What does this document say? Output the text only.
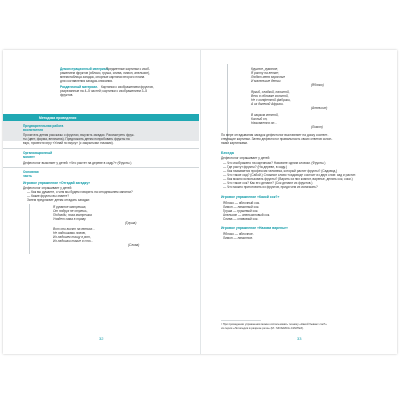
Демонстрационный материал.
Предметные картинки с изоб-
ражением фруктов (яблоко, груша, слива, лимон, апельсин),
мнемотаблица загадок, опорные картинки второго плана
для составления загадок-описания.
Раздаточный материал. Картинки с изображением фруктов,
разрезанные на 4–5 частей; картинки с изображением 3–5
фруктов.
Методика проведения
Предварительная работа
воспитателя
Прочитать детям рассказы о фруктах, выучить загадки. Рассмотреть фрук-
ты (цвет, форма, величина). Предложить детям попробовать фрукты на
вкус, провести игру «Узнай по вкусу» (с закрытыми глазами).
Организационный
момент
Дефектолог выясняет у детей: «Что растет на дереве в саду?» (Фрукты.)
Основная
часть
Игровое упражнение «Отгадай загадку»
Дефектолог спрашивает у детей:
— Как вы думаете, о чем мы будем говорить на сегодняшнем занятии?
— Какие фрукты вы знаете?
Затем предлагает детям отгадать загадки:
Я румяное матрешка,
От подруг не отрешь,
Подожди, пока матрешка
Упадет сама в траву.
(Груша)
Вот они висят на ветках...
Не ладошками ловлю,
Из ладошек тащу в рот,
Из ладошки такие я сто...
(Слива)
32
Круглое, румяное,
Я расту на ветке;
Любят меня взрослые
И маленькие детки.
(Яблоко)
Яркий, сладкий, налитой,
Весь в обложке золотой,
Не с конфетной фабрики,
А из далекой Африки.
(Апельсин)
В закрым желтой,
Кислый он,
Называется он...
(Лимон)
По мере отгадывания загадок дефектолог выставляет на доску соответ-
ствующие картинки. Затем дефектолог правильность своих ответов склон-
ными картинками.
Беседа
Дефектолог спрашивает у детей:
— Что изображено на картинках? Назовите одним словом. (Фрукты.)
— Где растут фрукты? (На дереве, в саду.)
— Как называется профессия человека, который растит фрукты? (Садовод.)
— Что такое сад? (Сабой.) Сложное слово «садовод» состоит из двух слов: сад и растит.
— Как можно использовать фрукты? (Варить из них компот, варенье, делать сок, соки.)
— Что такое сок? Как его делают? (Сок делают из фруктов.)
— Что можно приготовить из фруктов, придя чем их испачкать?
Игровое упражнение «Какой сок?»
Яблоко — яблочный сок.
Лимон — лимонный сок.
Груша — грушевый сок.
Апельсин — апельсиновый сок.
Слива — сливовый сок.
Игровое упражнение «Назови варенье»
Яблоко — яблочное.
Лимон — лимонное.
¹ При проведении упражнения можно использовать технику «Какой бывает сок?»
из серии «Логопедия в разрезе речи» (М.: МОЗАИКА-СИНТЕЗ).
33
